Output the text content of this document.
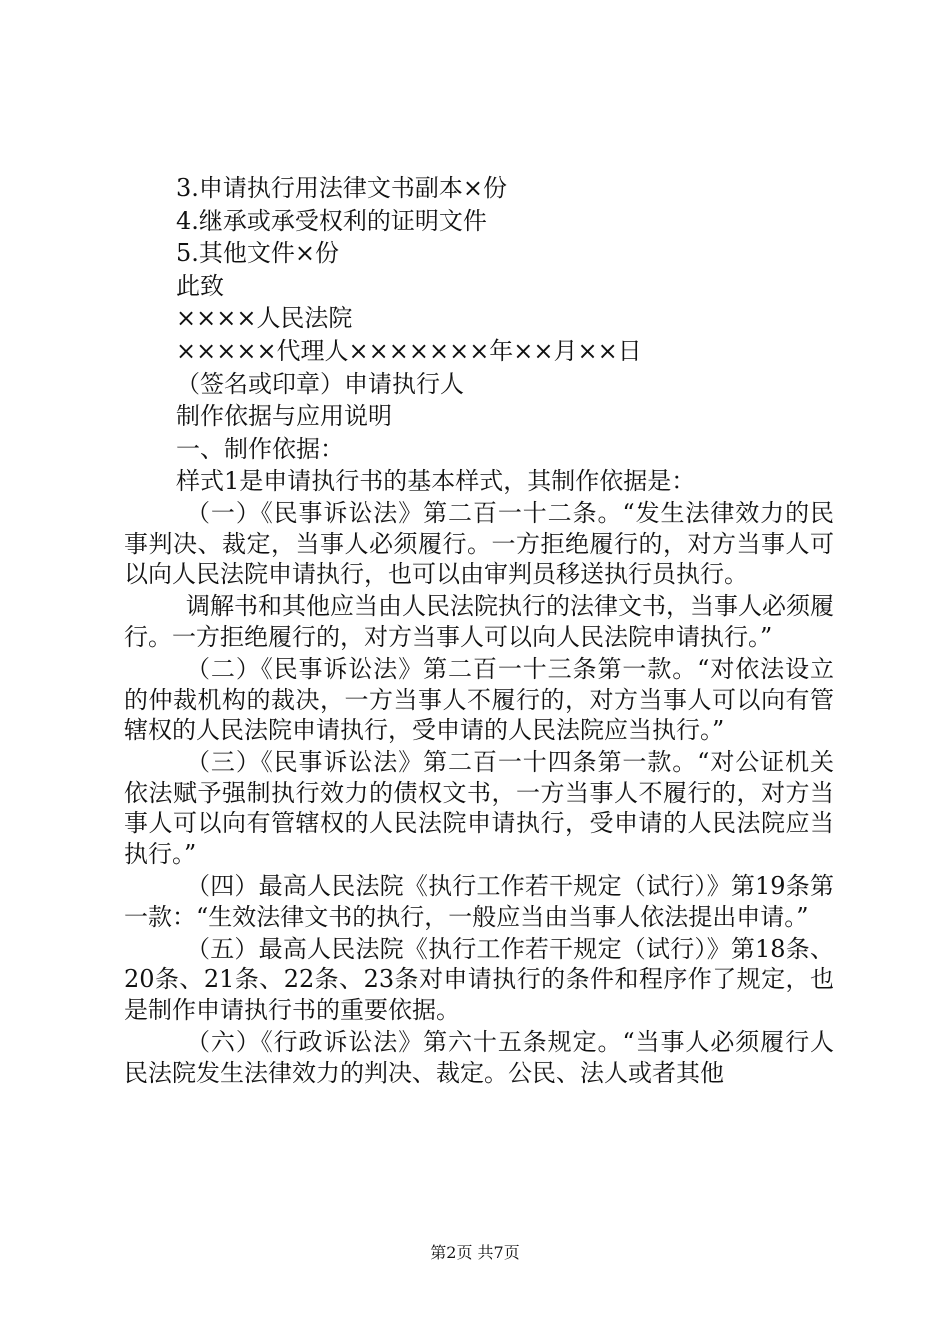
3.申请执行用法律文书副本×份
4.继承或承受权利的证明文件
5.其他文件×份
此致
××××人民法院
×××××代理人×××××××年××月××日
（签名或印章）申请执行人
制作依据与应用说明
一、制作依据：
样式1是申请执行书的基本样式，其制作依据是：

（一）《民事诉讼法》第二百一十二条。“发生法律效力的民事判决、裁定，当事人必须履行。一方拒绝履行的，对方当事人可以向人民法院申请执行，也可以由审判员移送执行员执行。

调解书和其他应当由人民法院执行的法律文书，当事人必须履行。一方拒绝履行的，对方当事人可以向人民法院申请执行。”

（二）《民事诉讼法》第二百一十三条第一款。“对依法设立的仲裁机构的裁决，一方当事人不履行的，对方当事人可以向有管辖权的人民法院申请执行，受申请的人民法院应当执行。”

（三）《民事诉讼法》第二百一十四条第一款。“对公证机关依法赋予强制执行效力的债权文书，一方当事人不履行的，对方当事人可以向有管辖权的人民法院申请执行，受申请的人民法院应当执行。”

（四）最高人民法院《执行工作若干规定（试行）》第19条第一款：“生效法律文书的执行，一般应当由当事人依法提出申请。”

（五）最高人民法院《执行工作若干规定（试行）》第18条、20条、21条、22条、23条对申请执行的条件和程序作了规定，也是制作申请执行书的重要依据。

（六）《行政诉讼法》第六十五条规定。“当事人必须履行人民法院发生法律效力的判决、裁定。公民、法人或者其他

第2页 共7页
